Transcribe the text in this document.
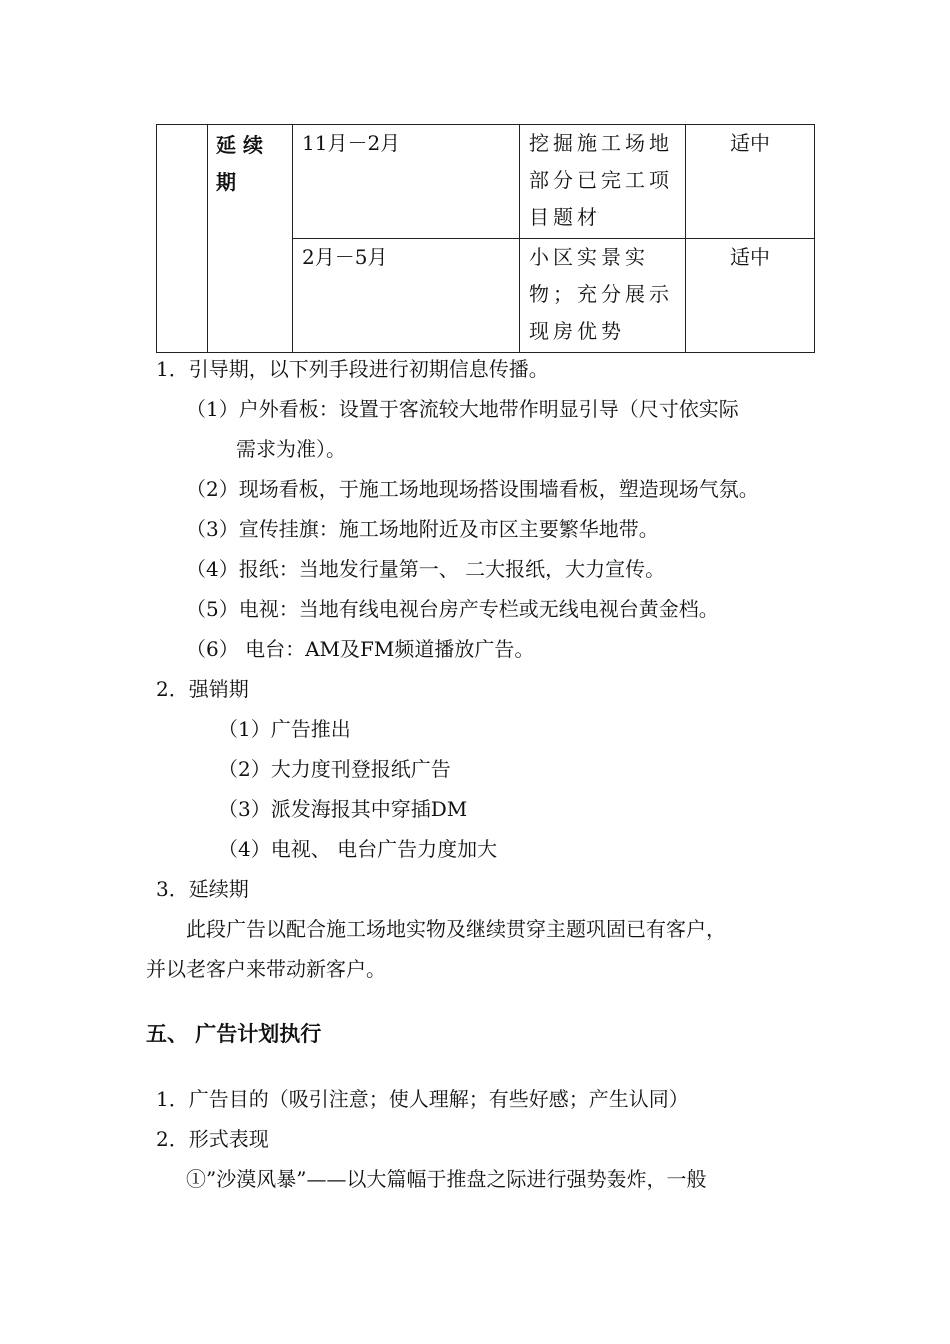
	延 续 期	11月－2月	挖掘施工场地部分已完工项目题材	适中
		2月－5月	小区实景实物；充分展示现房优势	适中
1．引导期，以下列手段进行初期信息传播。
（1）户外看板：设置于客流较大地带作明显引导（尺寸依实际
需求为准）。
（2）现场看板，于施工场地现场搭设围墙看板，塑造现场气氛。
（3）宣传挂旗：施工场地附近及市区主要繁华地带。
（4）报纸：当地发行量第一、 二大报纸，大力宣传。
（5）电视：当地有线电视台房产专栏或无线电视台黄金档。
（6） 电台：AM及FM频道播放广告。
2．强销期
（1）广告推出
（2）大力度刊登报纸广告
（3）派发海报其中穿插DM
（4）电视、 电台广告力度加大
3．延续期
此段广告以配合施工场地实物及继续贯穿主题巩固已有客户，
并以老客户来带动新客户。
五、 广告计划执行
1．广告目的（吸引注意；使人理解；有些好感；产生认同）
2．形式表现
①”沙漠风暴”——以大篇幅于推盘之际进行强势轰炸，一般
